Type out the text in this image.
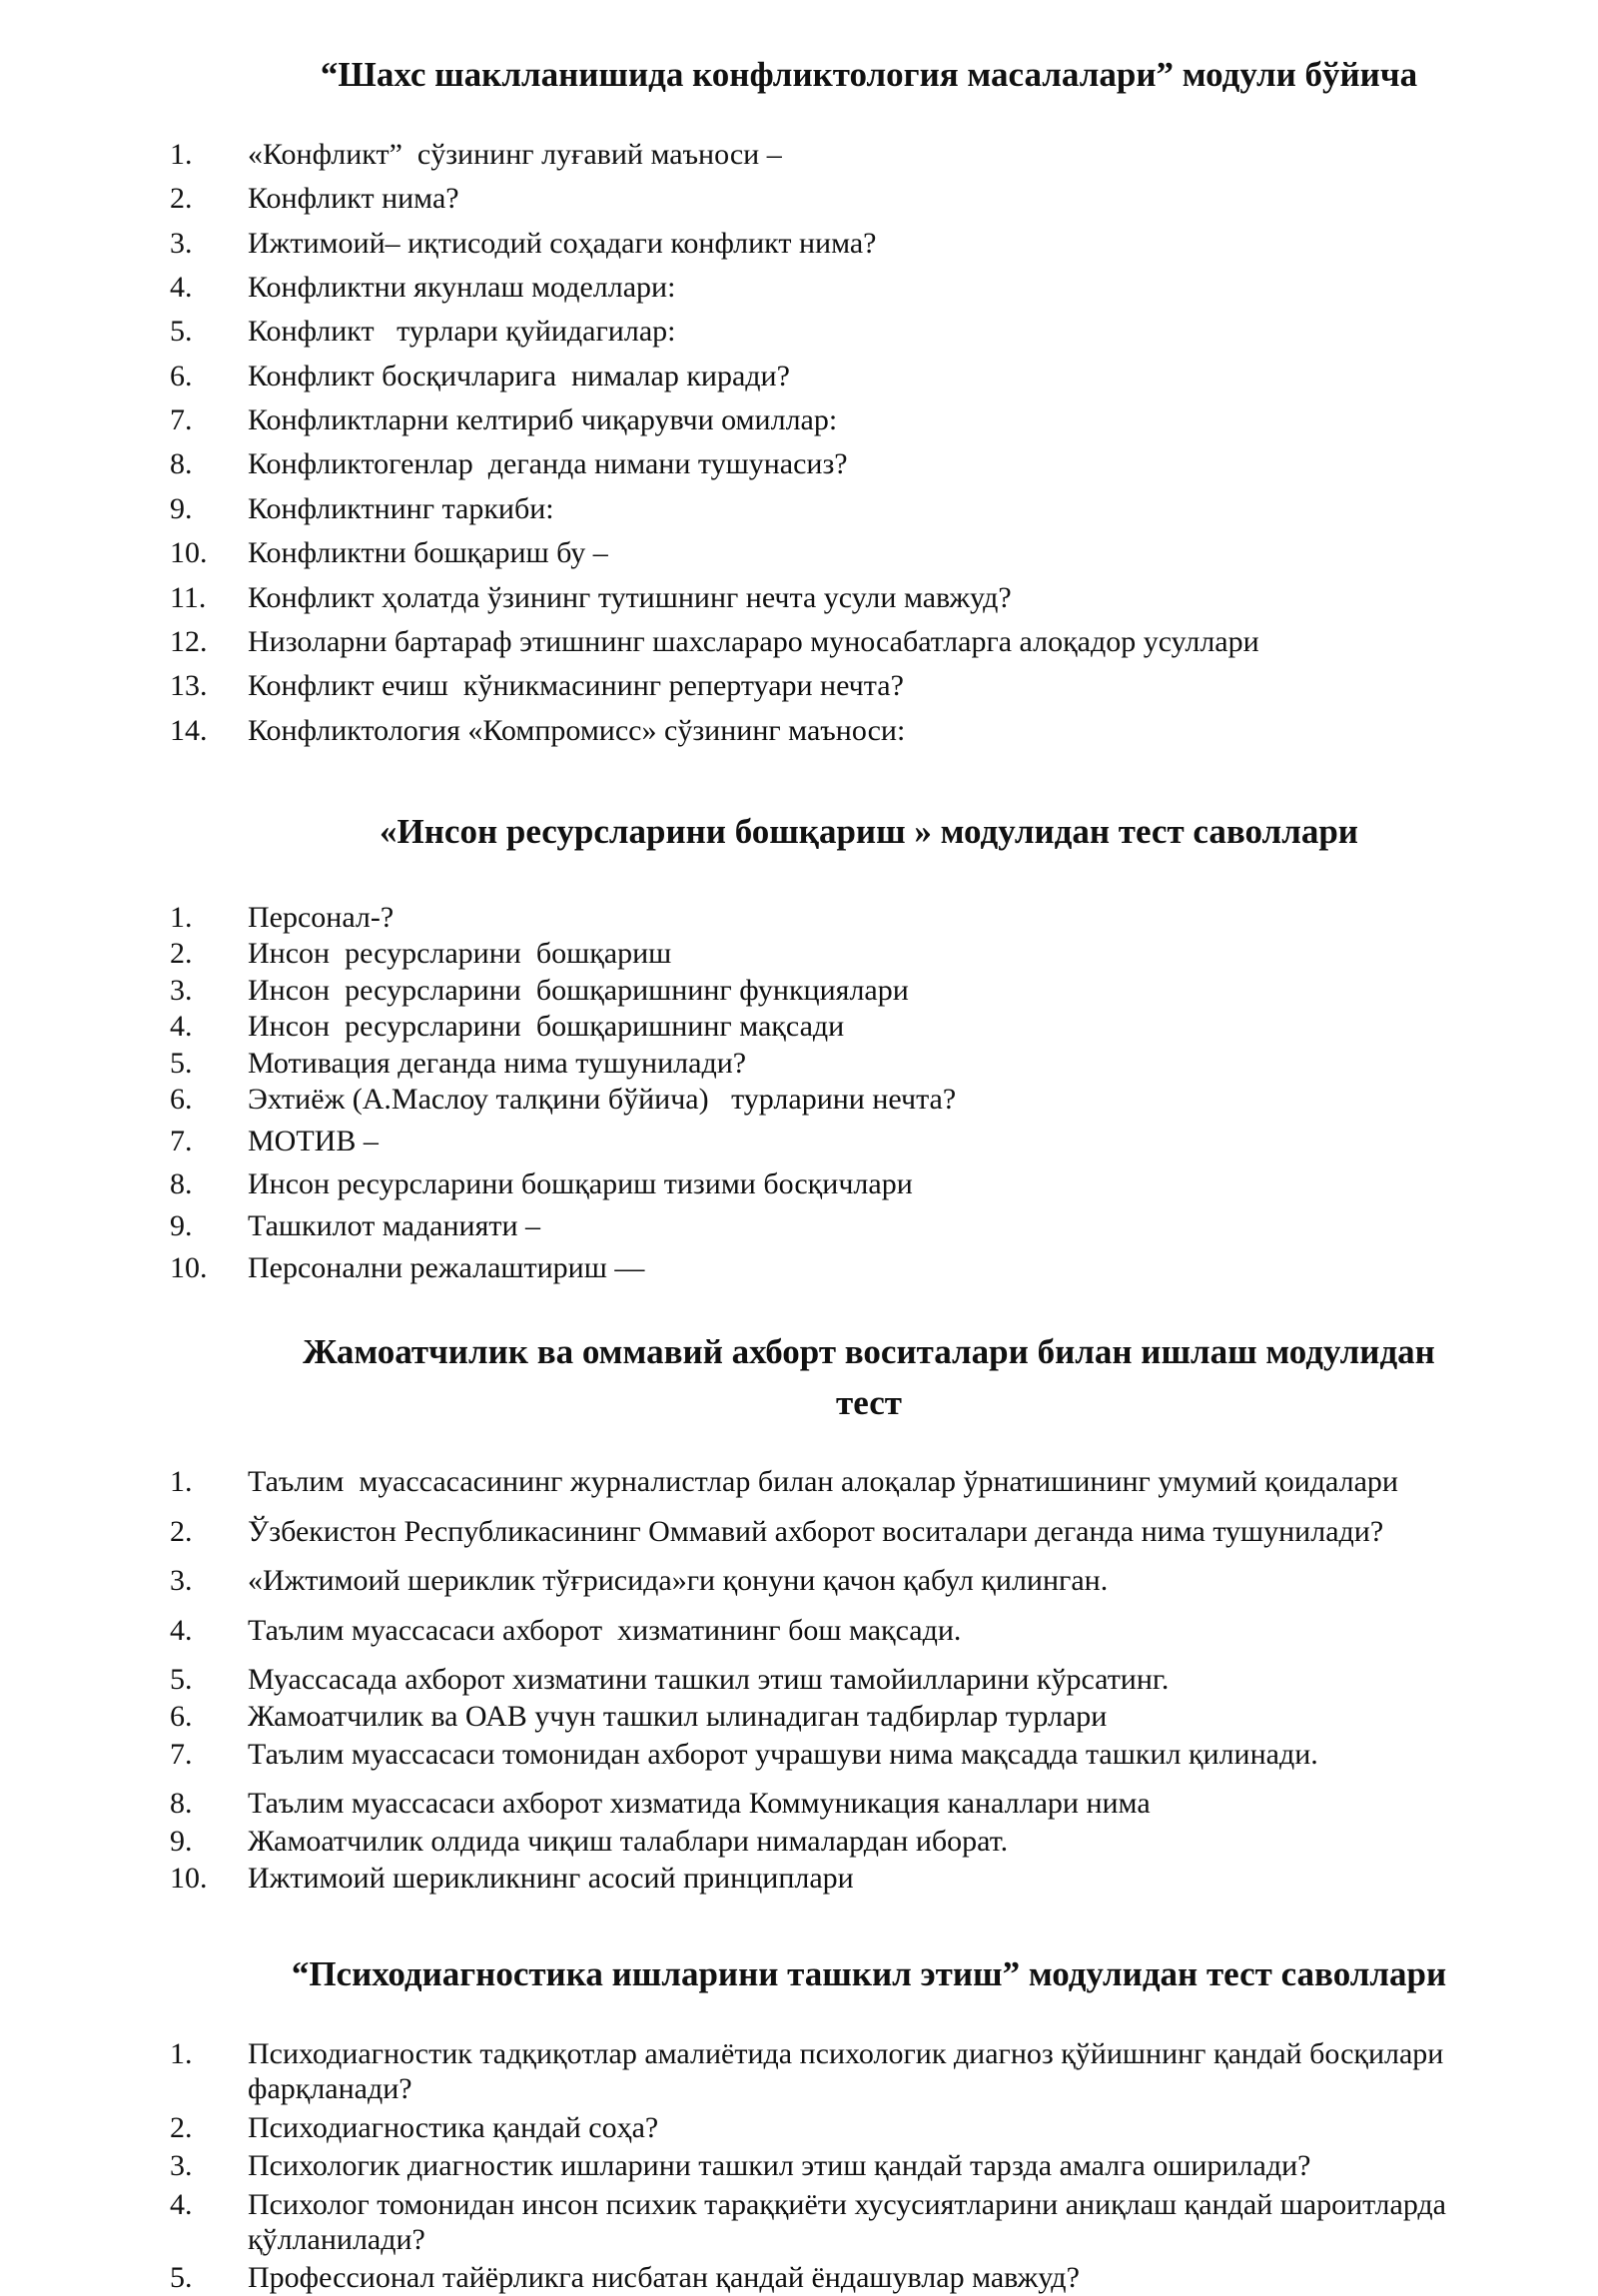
“Шахс шаклланишида конфликтология масалалари” модули бўйича
1.	«Конфликт”  сўзининг луғавий маъноси –
2.	Конфликт нима?
3.	Ижтимоий– иқтисодий соҳадаги конфликт нима?
4.	Конфликтни якунлаш моделлари:
5.	Конфликт   турлари қуйидагилар:
6.	Конфликт босқичларига  нималар киради?
7.	Конфликтларни келтириб чиқарувчи омиллар:
8.	Конфликтогенлар  деганда нимани тушунасиз?
9.	Конфликтнинг таркиби:
10.	Конфликтни бошқариш бу –
11.	Конфликт ҳолатда ўзининг тутишнинг нечта усули мавжуд?
12.	Низоларни бартараф этишнинг шахслараро муносабатларга алоқадор усуллари
13.	Конфликт ечиш  кўникмасининг репертуари нечта?
14.	Конфликтология «Компромисс» сўзининг маъноси:
«Инсон ресурсларини бошқариш » модулидан тест саволлари
1.	Персонал-?
2.	Инсон  ресурсларини  бошқариш
3.	Инсон  ресурсларини  бошқаришнинг функциялари
4.	Инсон  ресурсларини  бошқаришнинг мақсади
5.	Мотивация деганда нима тушунилади?
6.	Эхтиёж (А.Маслоу талқини бўйича)   турларини нечта?
7.	МОТИВ –
8.	Инсон ресурсларини бошқариш тизими босқичлари
9.	Ташкилот маданияти –
10.	Персонални режалаштириш —
Жамоатчилик ва оммавий ахборт воситалари билан ишлаш модулидан
тест
1.	Таълим  муассасасининг журналистлар билан алоқалар ўрнатишининг умумий қоидалари
2.	Ўзбекистон Республикасининг Оммавий ахборот воситалари деганда нима тушунилади?
3.	«Ижтимоий шериклик тўғрисида»ги қонуни қачон қабул қилинган.
4.	Таълим муассасаси ахборот  хизматининг бош мақсади.
5.	Муассасада ахборот хизматини ташкил этиш тамойилларини кўрсатинг.
6.	Жамоатчилик ва ОАВ учун ташкил ылинадиган тадбирлар турлари
7.	Таълим муассасаси томонидан ахборот учрашуви нима мақсадда ташкил қилинади.
8.	Таълим муассасаси ахборот хизматида Коммуникация каналлари нима
9.	Жамоатчилик олдида чиқиш талаблари нималардан иборат.
10.	Ижтимоий шерикликнинг асосий принциплари
“Психодиагностика ишларини ташкил этиш” модулидан тест саволлари
1.	Психодиагностик тадқиқотлар амалиётида психологик диагноз қўйишнинг қандай босқилари фарқланади?
2.	Психодиагностика қандай соҳа?
3.	Психологик диагностик ишларини ташкил этиш қандай тарзда амалга оширилади?
4.	Психолог томонидан инсон психик тараққиёти хусусиятларини аниқлаш қандай шароитларда қўлланилади?
5.	Профессионал тайёрликга нисбатан қандай ёндашувлар мавжуд?
